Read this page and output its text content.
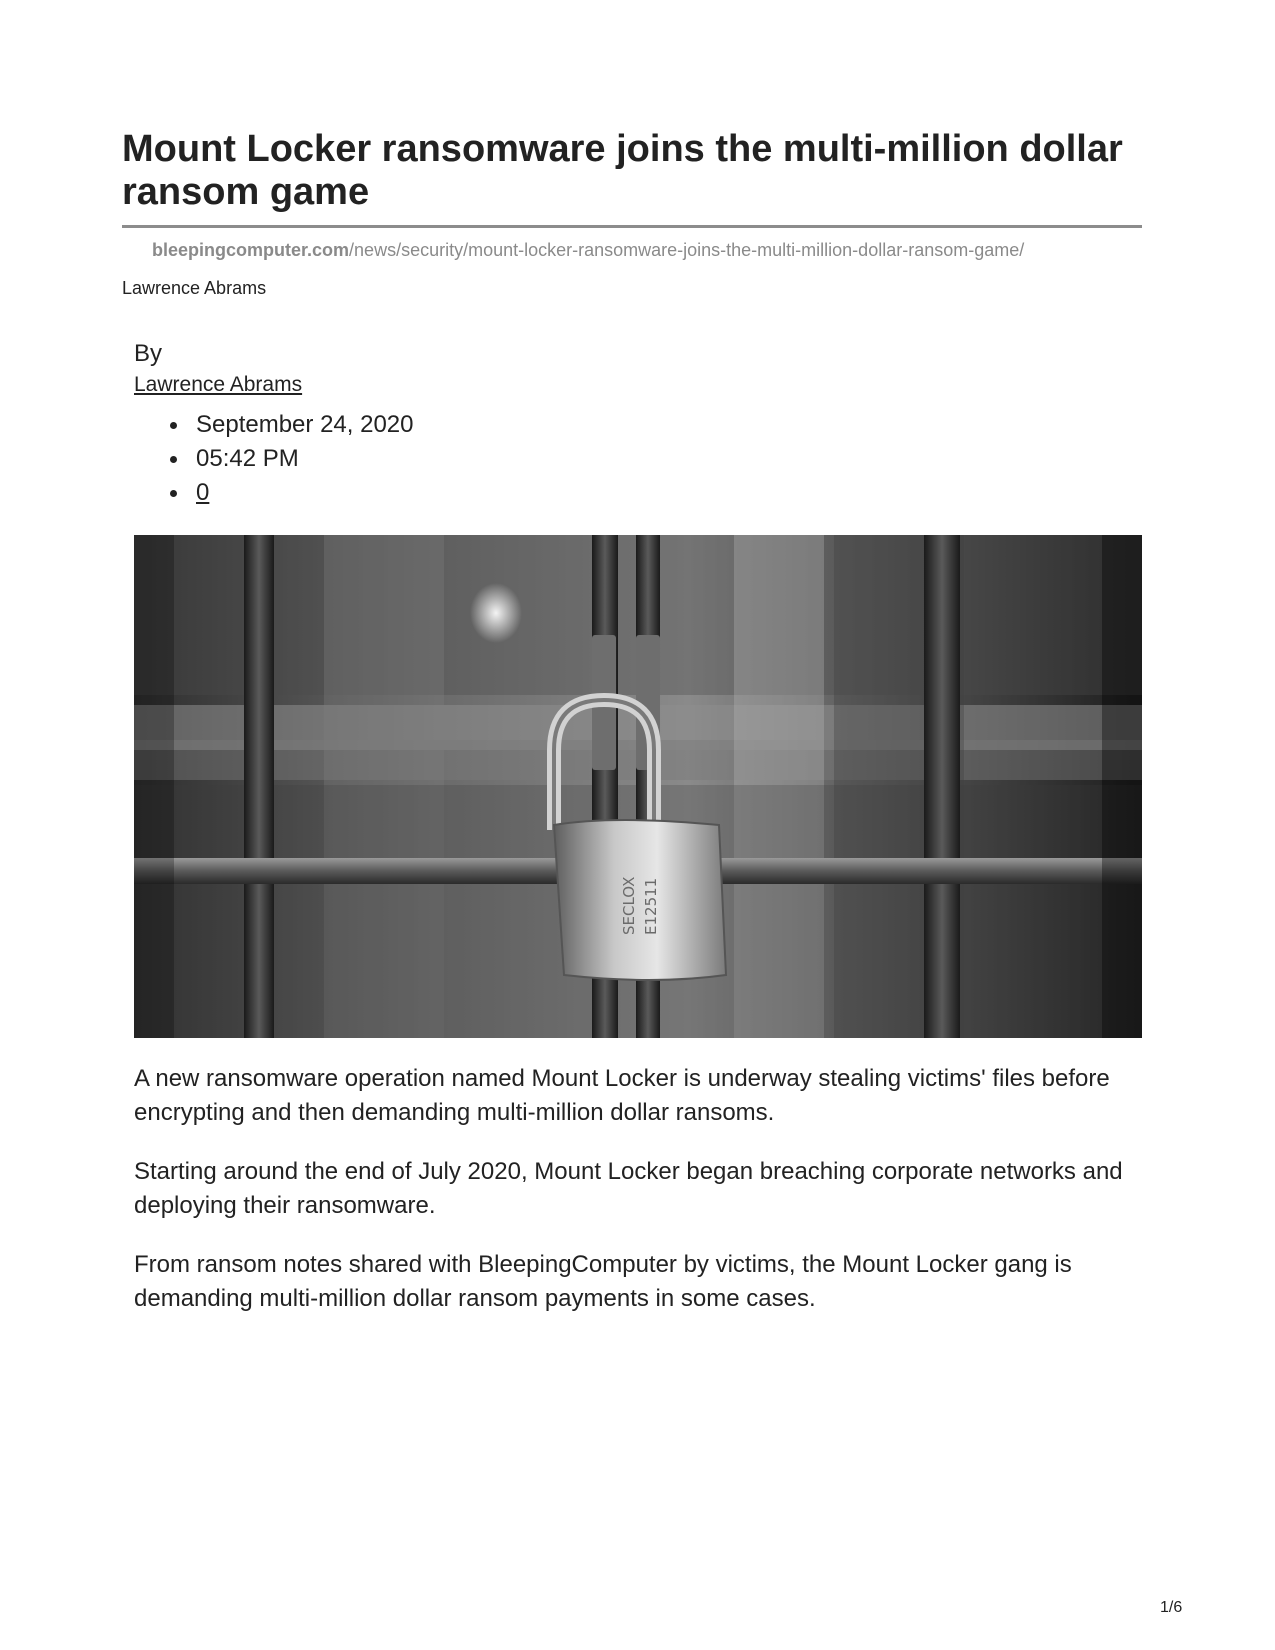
Mount Locker ransomware joins the multi-million dollar ransom game
bleepingcomputer.com/news/security/mount-locker-ransomware-joins-the-multi-million-dollar-ransom-game/
Lawrence Abrams
By
Lawrence Abrams
September 24, 2020
05:42 PM
0
SECLOX E12511

A new ransomware operation named Mount Locker is underway stealing victims' files before encrypting and then demanding multi-million dollar ransoms.

Starting around the end of July 2020, Mount Locker began breaching corporate networks and deploying their ransomware.

From ransom notes shared with BleepingComputer by victims, the Mount Locker gang is demanding multi-million dollar ransom payments in some cases.

1/6
